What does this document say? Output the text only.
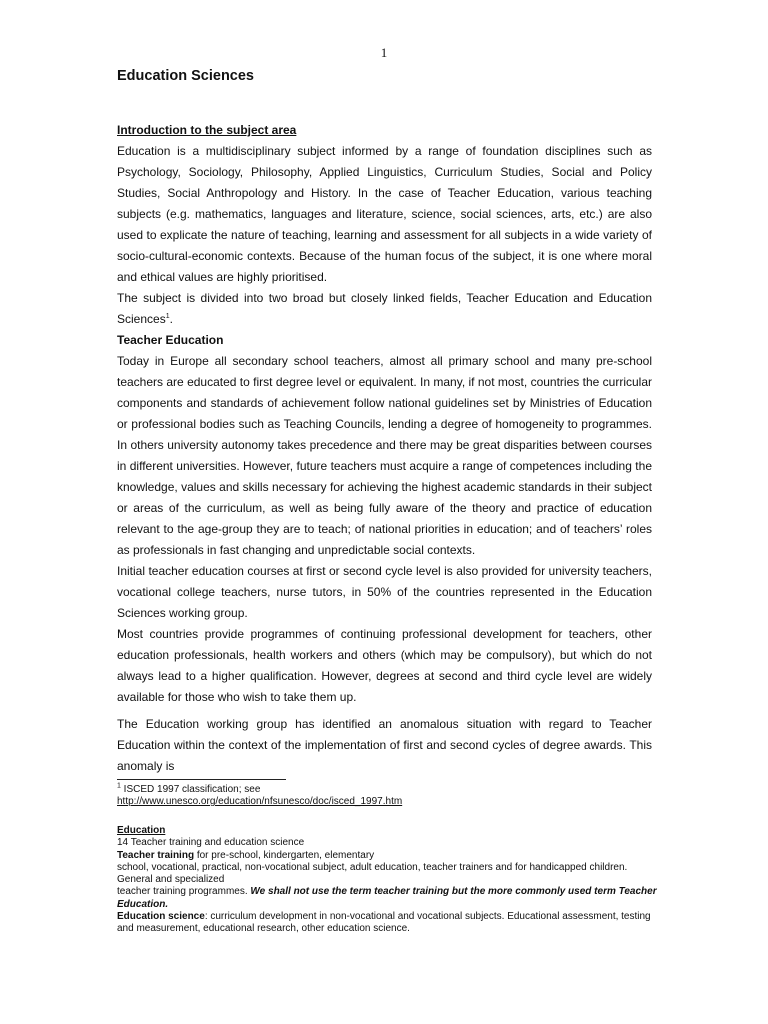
1
Education Sciences

Introduction to the subject area

Education is a multidisciplinary subject informed by a range of foundation disciplines such as Psychology, Sociology, Philosophy, Applied Linguistics, Curriculum Studies, Social and Policy Studies, Social Anthropology and History. In the case of Teacher Education, various teaching subjects (e.g. mathematics, languages and literature, science, social sciences, arts, etc.) are also used to explicate the nature of teaching, learning and assessment for all subjects in a wide variety of socio-cultural-economic contexts. Because of the human focus of the subject, it is one where moral and ethical values are highly prioritised.

The subject is divided into two broad but closely linked fields, Teacher Education and Education Sciences$^1$.

Teacher Education

Today in Europe all secondary school teachers, almost all primary school and many pre-school teachers are educated to first degree level or equivalent. In many, if not most, countries the curricular components and standards of achievement follow national guidelines set by Ministries of Education or professional bodies such as Teaching Councils, lending a degree of homogeneity to programmes. In others university autonomy takes precedence and there may be great disparities between courses in different universities. However, future teachers must acquire a range of competences including the knowledge, values and skills necessary for achieving the highest academic standards in their subject or areas of the curriculum, as well as being fully aware of the theory and practice of education relevant to the age-group they are to teach; of national priorities in education; and of teachers’ roles as professionals in fast changing and unpredictable social contexts.

Initial teacher education courses at first or second cycle level is also provided for university teachers, vocational college teachers, nurse tutors, in 50% of the countries represented in the Education Sciences working group.

Most countries provide programmes of continuing professional development for teachers, other education professionals, health workers and others (which may be compulsory), but which do not always lead to a higher qualification. However, degrees at second and third cycle level are widely available for those who wish to take them up.

The Education working group has identified an anomalous situation with regard to Teacher Education within the context of the implementation of first and second cycles of degree awards. This anomaly is

$^1$ ISCED 1997 classification; see
http://www.unesco.org/education/nfsunesco/doc/isced_1997.htm

Education

14 Teacher training and education science

Teacher training for pre-school, kindergarten, elementary

school, vocational, practical, non-vocational subject, adult education, teacher trainers and for handicapped children. General and specialized

teacher training programmes. We shall not use the term teacher training but the more commonly used term Teacher Education.

Education science: curriculum development in non-vocational and vocational subjects. Educational assessment, testing and measurement, educational research, other education science.
